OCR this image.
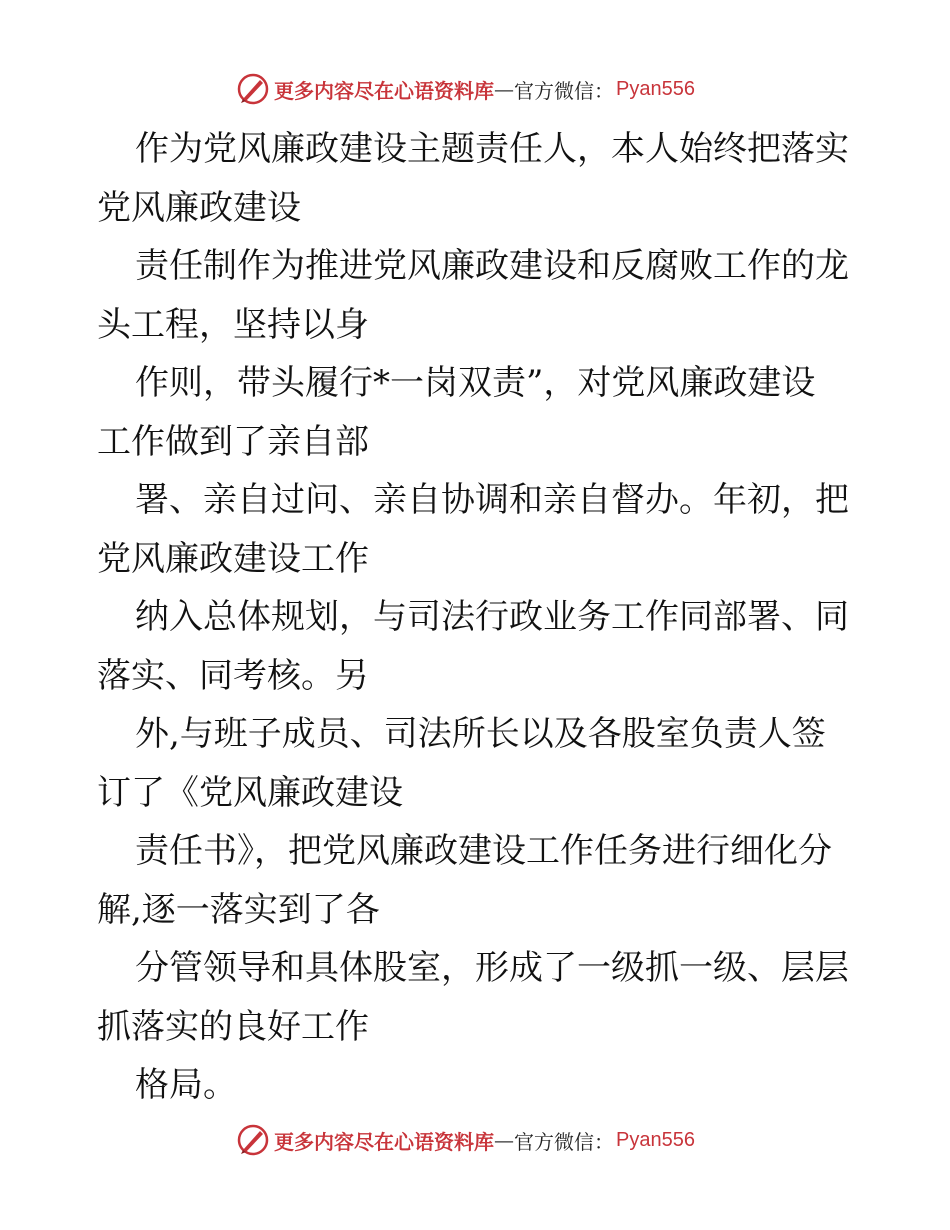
更多内容尽在心语资料库 — 官方微信： Pyan556
作为党风廉政建设主题责任人，本人始终把落实
党风廉政建设
责任制作为推进党风廉政建设和反腐败工作的龙
头工程，坚持以身
作则，带头履行*一岗双责”，对党风廉政建设
工作做到了亲自部
署、亲自过问、亲自协调和亲自督办。年初，把
党风廉政建设工作
纳入总体规划，与司法行政业务工作同部署、同
落实、同考核。另
外,与班子成员、司法所长以及各股室负责人签
订了《党风廉政建设
责任书》，把党风廉政建设工作任务进行细化分
解,逐一落实到了各
分管领导和具体股室，形成了一级抓一级、层层
抓落实的良好工作
格局。
更多内容尽在心语资料库 — 官方微信： Pyan556
